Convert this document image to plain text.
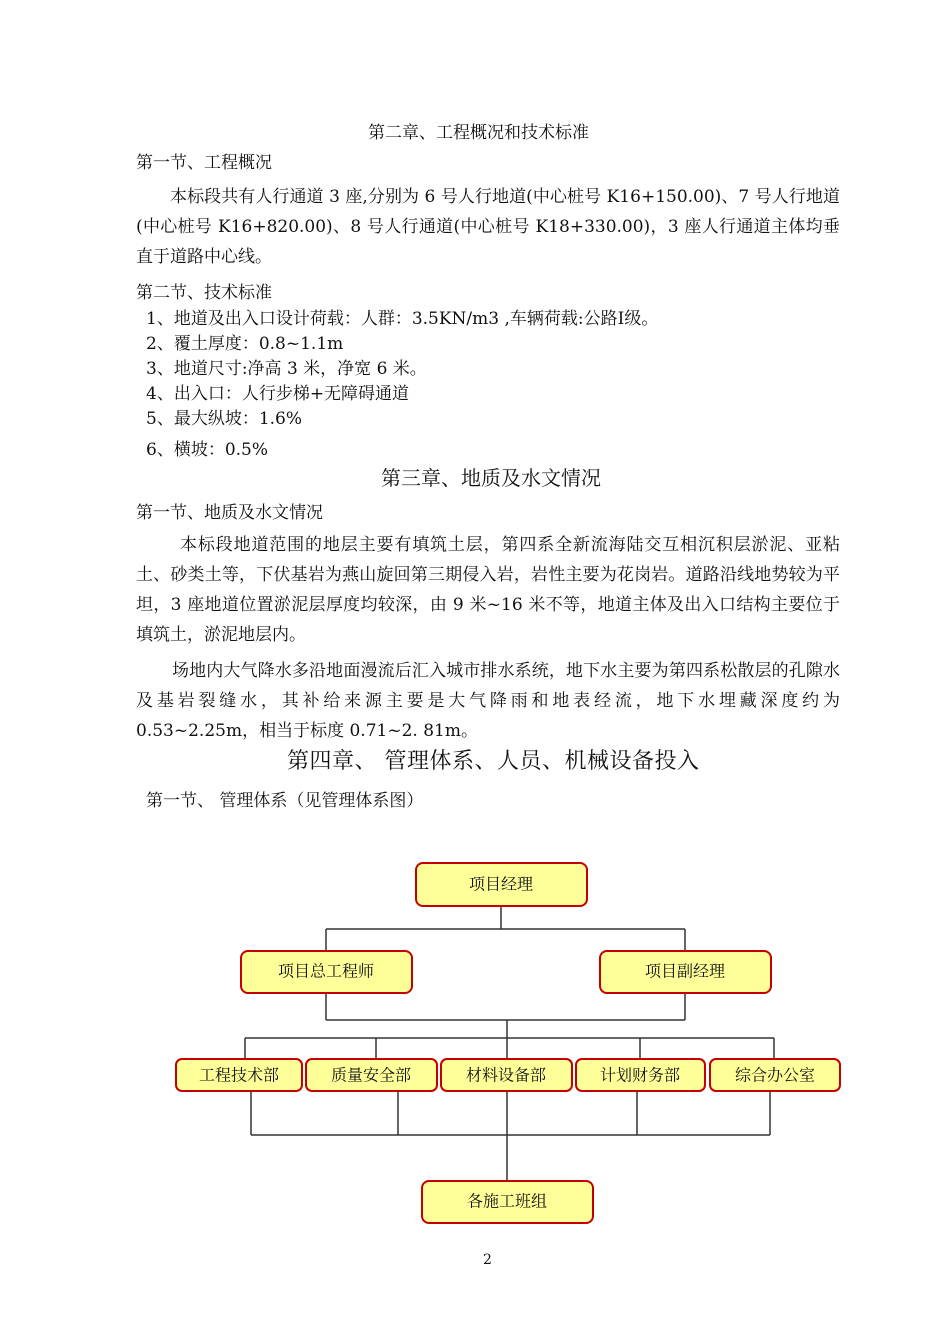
第二章、工程概况和技术标准
第一节、工程概况
本标段共有人行通道 3 座,分别为 6 号人行地道(中心桩号 K16+150.00)、7 号人行地道(中心桩号 K16+820.00)、8 号人行通道(中心桩号 K18+330.00)，3 座人行通道主体均垂直于道路中心线。
第二节、技术标准
1、地道及出入口设计荷载：人群：3.5KN/m3 ,车辆荷载:公路Ⅰ级。
2、覆土厚度：0.8~1.1m
3、地道尺寸:净高 3 米，净宽 6 米。
4、出入口：人行步梯+无障碍通道
5、最大纵坡：1.6%
6、横坡：0.5%
第三章、地质及水文情况
第一节、地质及水文情况
本标段地道范围的地层主要有填筑土层，第四系全新流海陆交互相沉积层淤泥、亚粘土、砂类土等，下伏基岩为燕山旋回第三期侵入岩，岩性主要为花岗岩。道路沿线地势较为平坦，3 座地道位置淤泥层厚度均较深，由 9 米~16 米不等，地道主体及出入口结构主要位于填筑土，淤泥地层内。
场地内大气降水多沿地面漫流后汇入城市排水系统，地下水主要为第四系松散层的孔隙水及基岩裂缝水，其补给来源主要是大气降雨和地表经流，地下水埋藏深度约为 0.53~2.25m，相当于标度 0.71~2. 81m。
第四章、 管理体系、人员、机械设备投入
第一节、 管理体系（见管理体系图）
项目经理
项目总工程师	项目副经理
工程技术部	质量安全部	材料设备部	计划财务部	综合办公室
各施工班组
2
